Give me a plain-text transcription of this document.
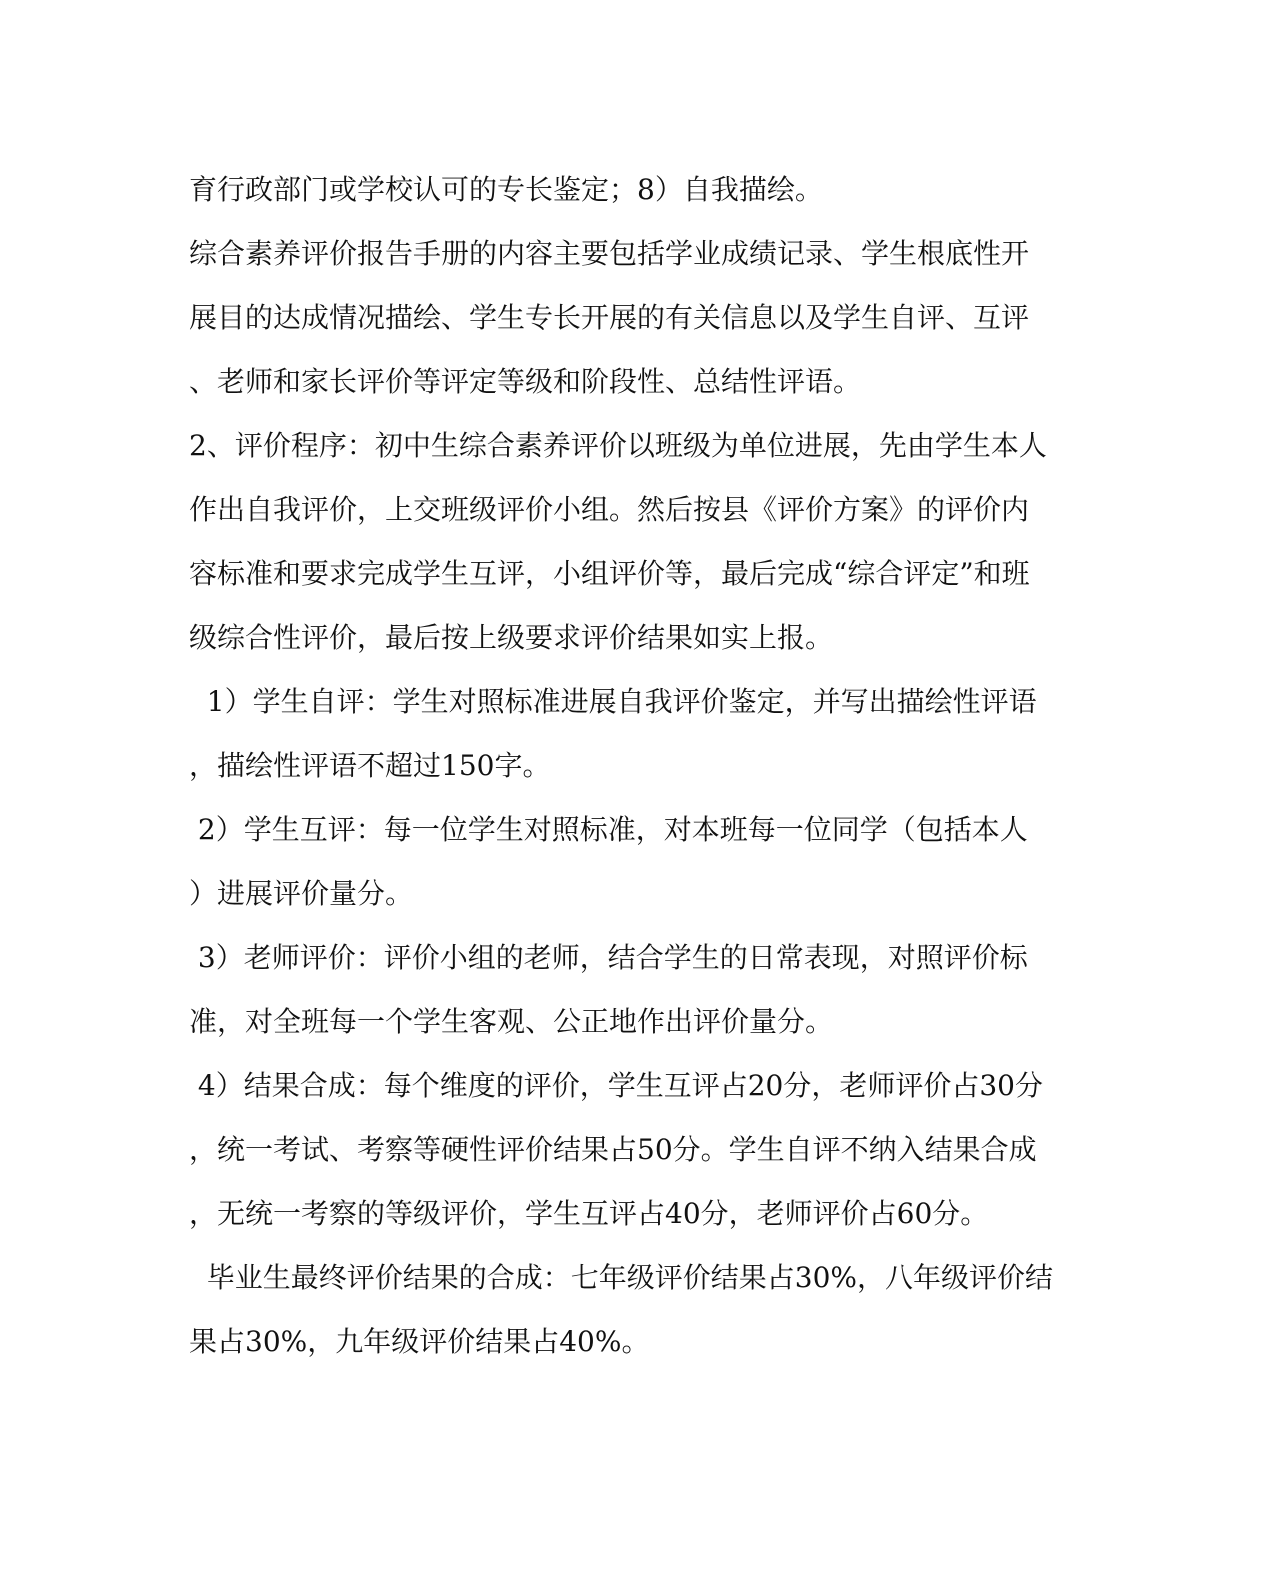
育行政部门或学校认可的专长鉴定；8）自我描绘。

综合素养评价报告手册的内容主要包括学业成绩记录、学生根底性开

展目的达成情况描绘、学生专长开展的有关信息以及学生自评、互评

、老师和家长评价等评定等级和阶段性、总结性评语。

2、评价程序：初中生综合素养评价以班级为单位进展，先由学生本人

作出自我评价，上交班级评价小组。然后按县《评价方案》的评价内

容标准和要求完成学生互评，小组评价等，最后完成“综合评定”和班

级综合性评价，最后按上级要求评价结果如实上报。

1）学生自评：学生对照标准进展自我评价鉴定，并写出描绘性评语

，描绘性评语不超过150字。

2）学生互评：每一位学生对照标准，对本班每一位同学（包括本人

）进展评价量分。

3）老师评价：评价小组的老师，结合学生的日常表现，对照评价标

准，对全班每一个学生客观、公正地作出评价量分。

4）结果合成：每个维度的评价，学生互评占20分，老师评价占30分

，统一考试、考察等硬性评价结果占50分。学生自评不纳入结果合成

，无统一考察的等级评价，学生互评占40分，老师评价占60分。

毕业生最终评价结果的合成：七年级评价结果占30%，八年级评价结

果占30%，九年级评价结果占40%。
